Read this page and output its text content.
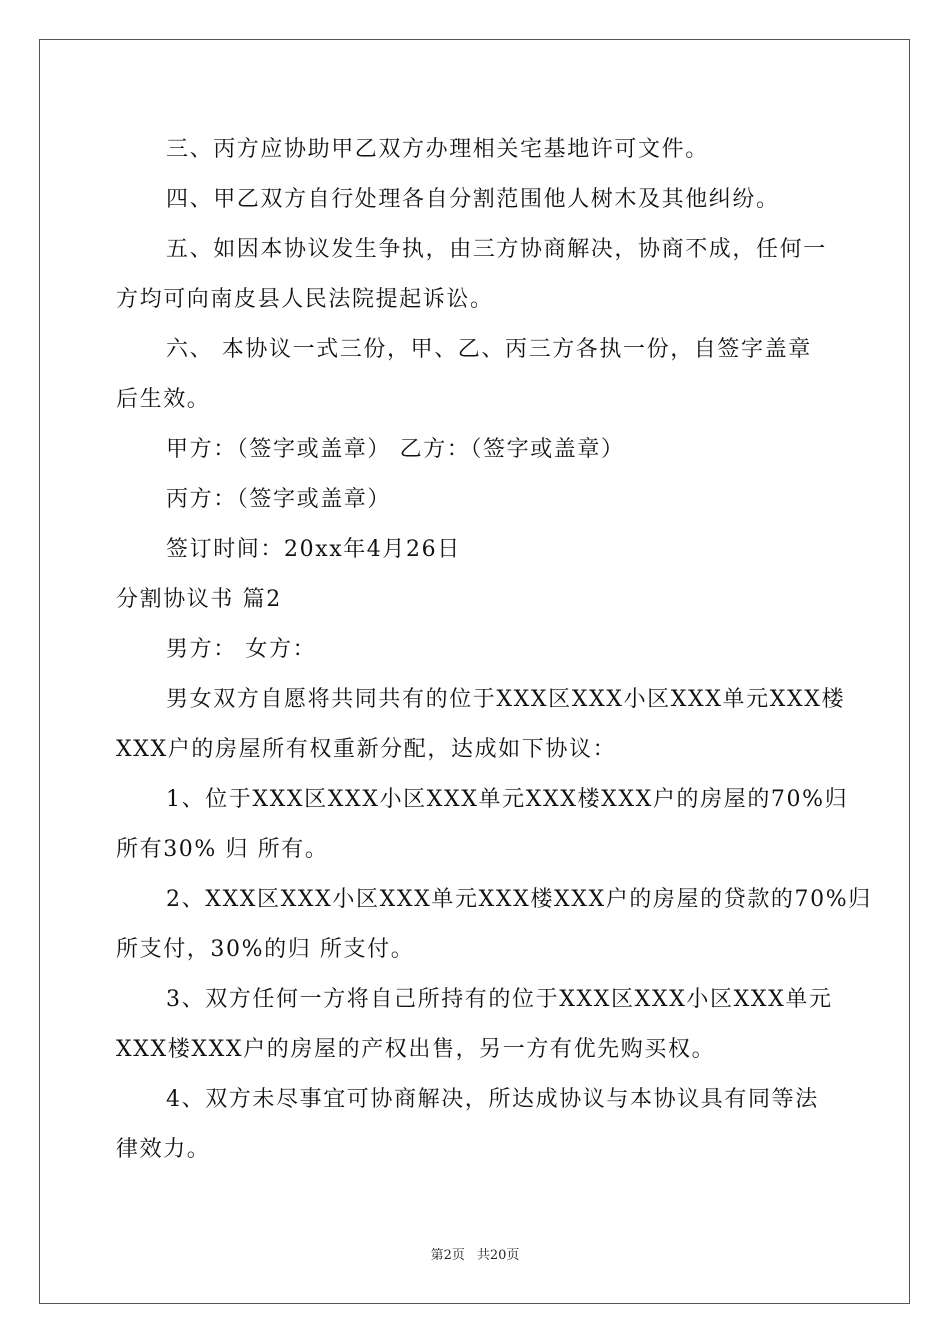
三、丙方应协助甲乙双方办理相关宅基地许可文件。
四、甲乙双方自行处理各自分割范围他人树木及其他纠纷。
五、如因本协议发生争执，由三方协商解决，协商不成，任何一
方均可向南皮县人民法院提起诉讼。
六、 本协议一式三份，甲、乙、丙三方各执一份，自签字盖章
后生效。
甲方：（签字或盖章） 乙方：（签字或盖章）
丙方：（签字或盖章）
签订时间：20xx年4月26日
分割协议书 篇2
男方： 女方：
男女双方自愿将共同共有的位于XXX区XXX小区XXX单元XXX楼
XXX户的房屋所有权重新分配，达成如下协议：
1、位于XXX区XXX小区XXX单元XXX楼XXX户的房屋的70%归
所有30% 归 所有。
2、XXX区XXX小区XXX单元XXX楼XXX户的房屋的贷款的70%归
所支付，30%的归 所支付。
3、双方任何一方将自己所持有的位于XXX区XXX小区XXX单元
XXX楼XXX户的房屋的产权出售，另一方有优先购买权。
4、双方未尽事宜可协商解决，所达成协议与本协议具有同等法
律效力。
第2页 共20页
